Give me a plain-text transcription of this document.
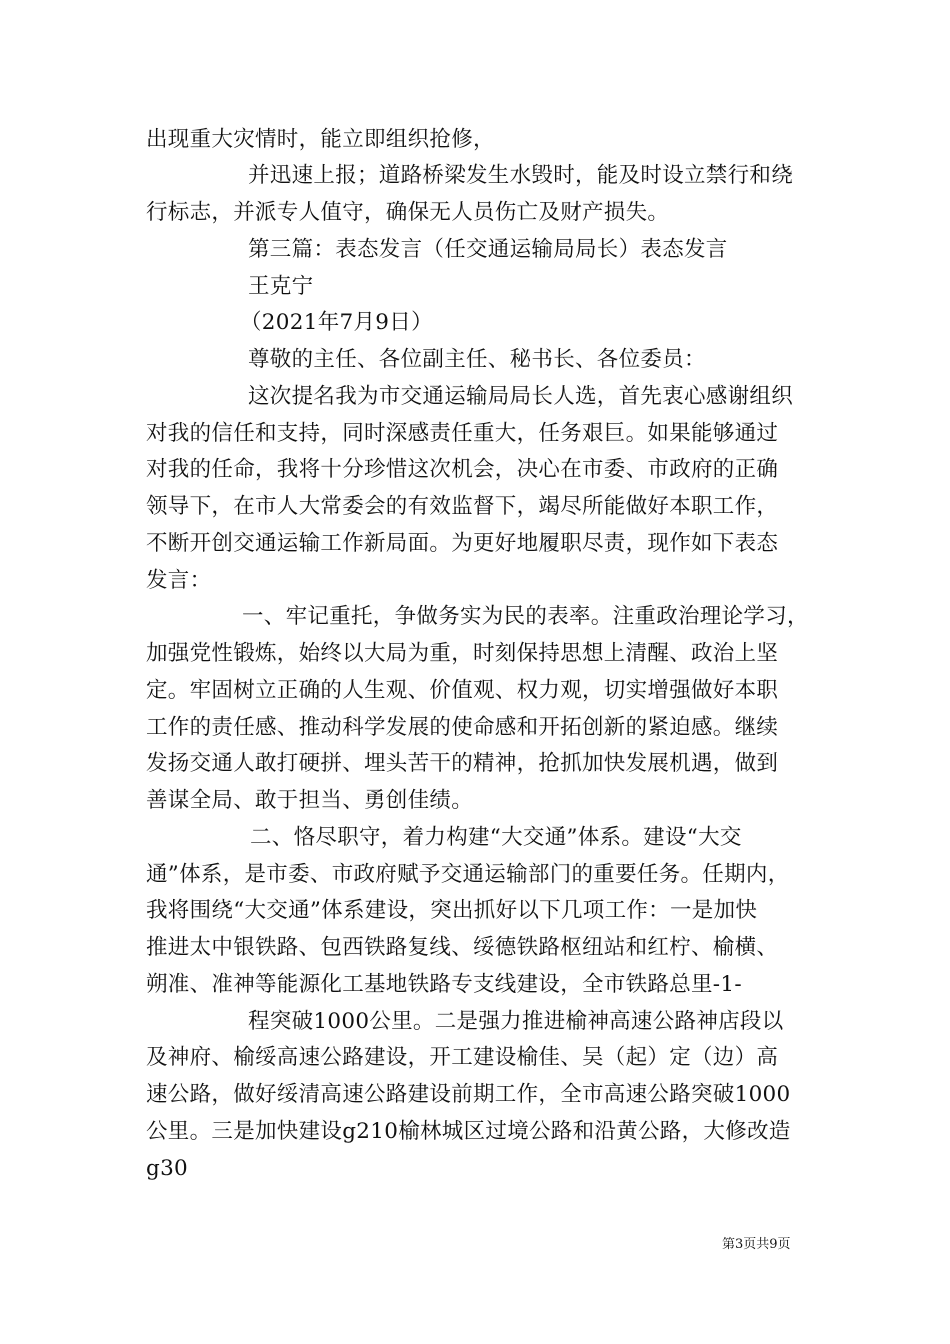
出现重大灾情时，能立即组织抢修，
并迅速上报；道路桥梁发生水毁时，能及时设立禁行和绕
行标志，并派专人值守，确保无人员伤亡及财产损失。
第三篇：表态发言（任交通运输局局长）表态发言
王克宁
（2021年7月9日）
尊敬的主任、各位副主任、秘书长、各位委员：
这次提名我为市交通运输局局长人选，首先衷心感谢组织
对我的信任和支持，同时深感责任重大，任务艰巨。如果能够通过
对我的任命，我将十分珍惜这次机会，决心在市委、市政府的正确
领导下，在市人大常委会的有效监督下，竭尽所能做好本职工作，
不断开创交通运输工作新局面。为更好地履职尽责，现作如下表态
发言：
一、牢记重托，争做务实为民的表率。注重政治理论学习，
加强党性锻炼，始终以大局为重，时刻保持思想上清醒、政治上坚
定。牢固树立正确的人生观、价值观、权力观，切实增强做好本职
工作的责任感、推动科学发展的使命感和开拓创新的紧迫感。继续
发扬交通人敢打硬拼、埋头苦干的精神，抢抓加快发展机遇，做到
善谋全局、敢于担当、勇创佳绩。
二、恪尽职守，着力构建“大交通”体系。建设“大交
通”体系，是市委、市政府赋予交通运输部门的重要任务。任期内，
我将围绕“大交通”体系建设，突出抓好以下几项工作：一是加快
推进太中银铁路、包西铁路复线、绥德铁路枢纽站和红柠、榆横、
朔准、准神等能源化工基地铁路专支线建设，全市铁路总里-1-
程突破1000公里。二是强力推进榆神高速公路神店段以
及神府、榆绥高速公路建设，开工建设榆佳、吴（起）定（边）高
速公路，做好绥清高速公路建设前期工作，全市高速公路突破1000
公里。三是加快建设g210榆林城区过境公路和沿黄公路，大修改造
g30
第3页共9页
